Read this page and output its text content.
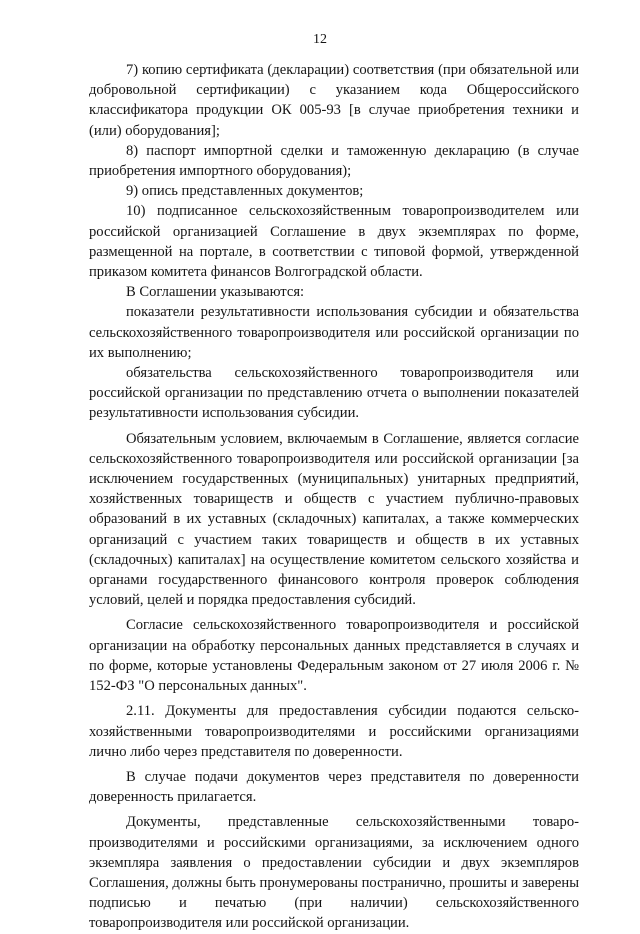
12

7) копию сертификата (декларации) соответствия (при обязательной или добровольной сертификации) с указанием кода Общероссийского классификатора продукции ОК 005-93 [в случае приобретения техники и (или) оборудования];

8) паспорт импортной сделки и таможенную декларацию (в случае приобретения импортного оборудования);

9) опись представленных документов;

10) подписанное сельскохозяйственным товаропроизводителем или российской организацией Соглашение в двух экземплярах по форме, размещенной на портале, в соответствии с типовой формой, утвержденной приказом комитета финансов Волгоградской области.

В Соглашении указываются:

показатели результативности использования субсидии и обязательства сельскохозяйственного товаропроизводителя или российской организации по их выполнению;

обязательства сельскохозяйственного товаропроизводителя или российской организации по представлению отчета о выполнении показателей результативности использования субсидии.

Обязательным условием, включаемым в Соглашение, является согласие сельскохозяйственного товаропроизводителя или российской организации [за исключением государственных (муниципальных) унитарных предприятий, хозяйственных товариществ и обществ с участием публично-правовых образований в их уставных (складочных) капиталах, а также коммерческих организаций с участием таких товариществ и обществ в их уставных (складочных) капиталах] на осуществление комитетом сельского хозяйства и органами государственного финансового контроля проверок соблюдения условий, целей и порядка предоставления субсидий.

Согласие сельскохозяйственного товаропроизводителя и российской организации на обработку персональных данных представляется в случаях и по форме, которые установлены Федеральным законом от 27 июля 2006 г. № 152-ФЗ "О персональных данных".

2.11. Документы для предоставления субсидии подаются сельско-хозяйственными товаропроизводителями и российскими организациями лично либо через представителя по доверенности.

В случае подачи документов через представителя по доверенности доверенность прилагается.

Документы, представленные сельскохозяйственными товаро-производителями и российскими организациями, за исключением одного экземпляра заявления о предоставлении субсидии и двух экземпляров Соглашения, должны быть пронумерованы постранично, прошиты и заверены подписью и печатью (при наличии) сельскохозяйственного товаропроизводителя или российской организации.
